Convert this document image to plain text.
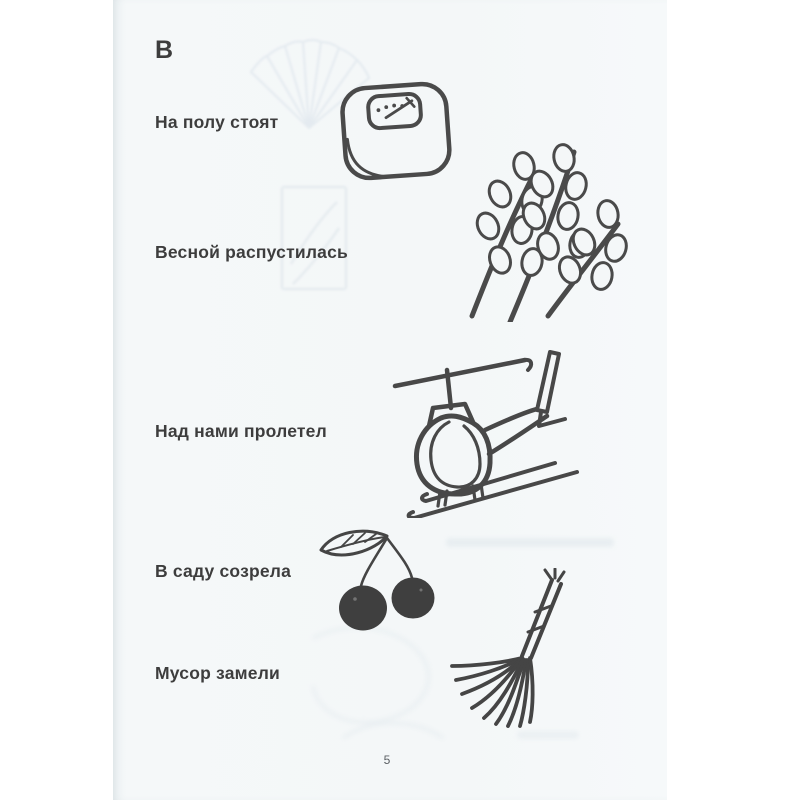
В
На полу стоят
Весной распустилась
Над нами пролетел
В саду созрела
Мусор замели
5
